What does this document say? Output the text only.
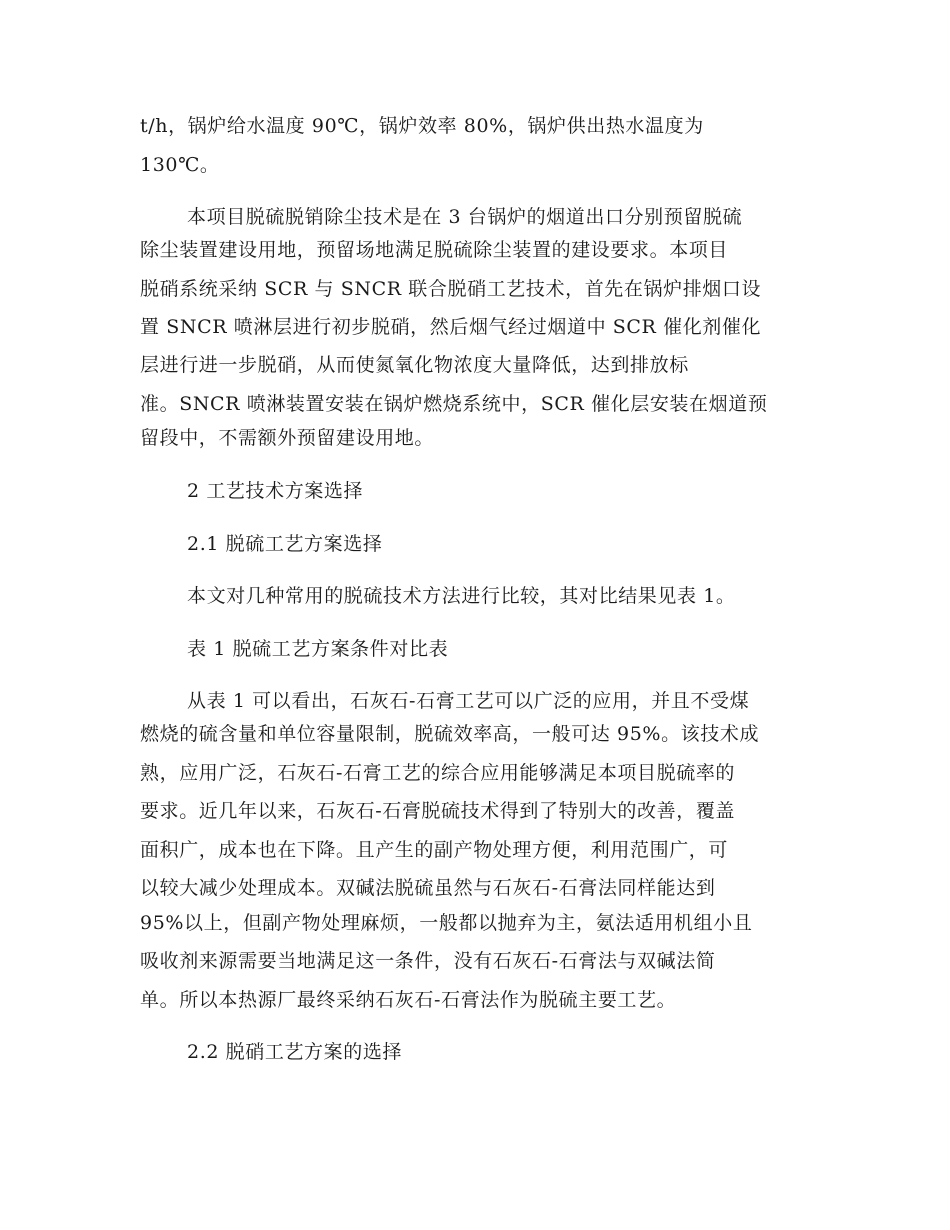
t/h，锅炉给水温度 90℃，锅炉效率 80%，锅炉供出热水温度为
130℃。
本项目脱硫脱销除尘技术是在 3 台锅炉的烟道出口分别预留脱硫
除尘装置建设用地，预留场地满足脱硫除尘装置的建设要求。本项目
脱硝系统采纳 SCR 与 SNCR 联合脱硝工艺技术，首先在锅炉排烟口设
置 SNCR 喷淋层进行初步脱硝，然后烟气经过烟道中 SCR 催化剂催化
层进行进一步脱硝，从而使氮氧化物浓度大量降低，达到排放标
准。SNCR 喷淋装置安装在锅炉燃烧系统中，SCR 催化层安装在烟道预
留段中，不需额外预留建设用地。
2 工艺技术方案选择
2.1 脱硫工艺方案选择
本文对几种常用的脱硫技术方法进行比较，其对比结果见表 1。
表 1 脱硫工艺方案条件对比表
从表 1 可以看出，石灰石-石膏工艺可以广泛的应用，并且不受煤
燃烧的硫含量和单位容量限制，脱硫效率高，一般可达 95%。该技术成
熟，应用广泛，石灰石-石膏工艺的综合应用能够满足本项目脱硫率的
要求。近几年以来，石灰石-石膏脱硫技术得到了特别大的改善，覆盖
面积广，成本也在下降。且产生的副产物处理方便，利用范围广，可
以较大减少处理成本。双碱法脱硫虽然与石灰石-石膏法同样能达到
95%以上，但副产物处理麻烦，一般都以抛弃为主，氨法适用机组小且
吸收剂来源需要当地满足这一条件，没有石灰石-石膏法与双碱法简
单。所以本热源厂最终采纳石灰石-石膏法作为脱硫主要工艺。
2.2 脱硝工艺方案的选择
